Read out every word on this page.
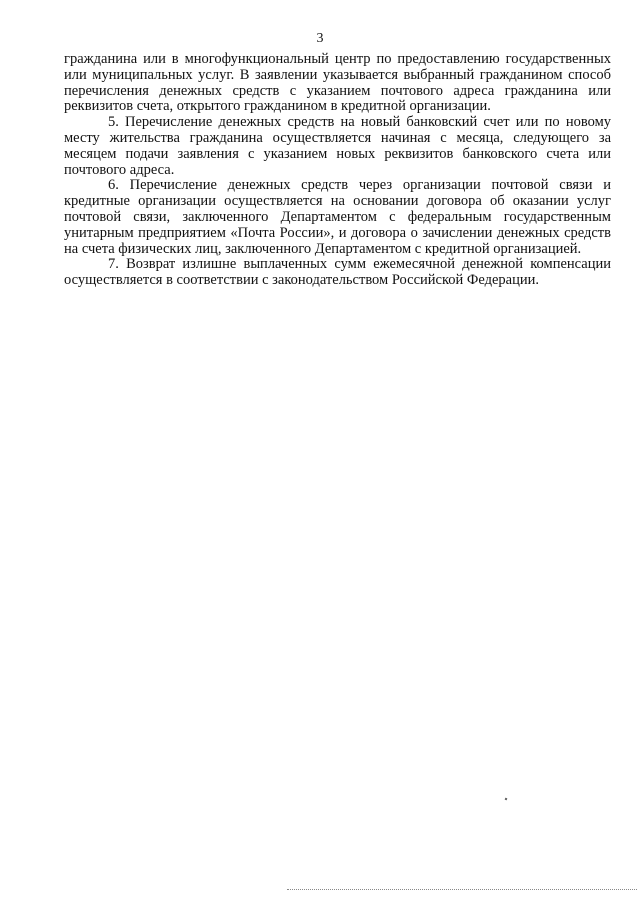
3

гражданина или в многофункциональный центр по предоставлению государственных или муниципальных услуг. В заявлении указывается выбранный гражданином способ перечисления денежных средств с указанием почтового адреса гражданина или реквизитов счета, открытого гражданином в кредитной организации.

5. Перечисление денежных средств на новый банковский счет или по новому месту жительства гражданина осуществляется начиная с месяца, следующего за месяцем подачи заявления с указанием новых реквизитов банковского счета или почтового адреса.

6. Перечисление денежных средств через организации почтовой связи и кредитные организации осуществляется на основании договора об оказании услуг почтовой связи, заключенного Департаментом с федеральным государственным унитарным предприятием «Почта России», и договора о зачислении денежных средств на счета физических лиц, заключенного Департаментом с кредитной организацией.

7. Возврат излишне выплаченных сумм ежемесячной денежной компенсации осуществляется в соответствии с законодательством Российской Федерации.
